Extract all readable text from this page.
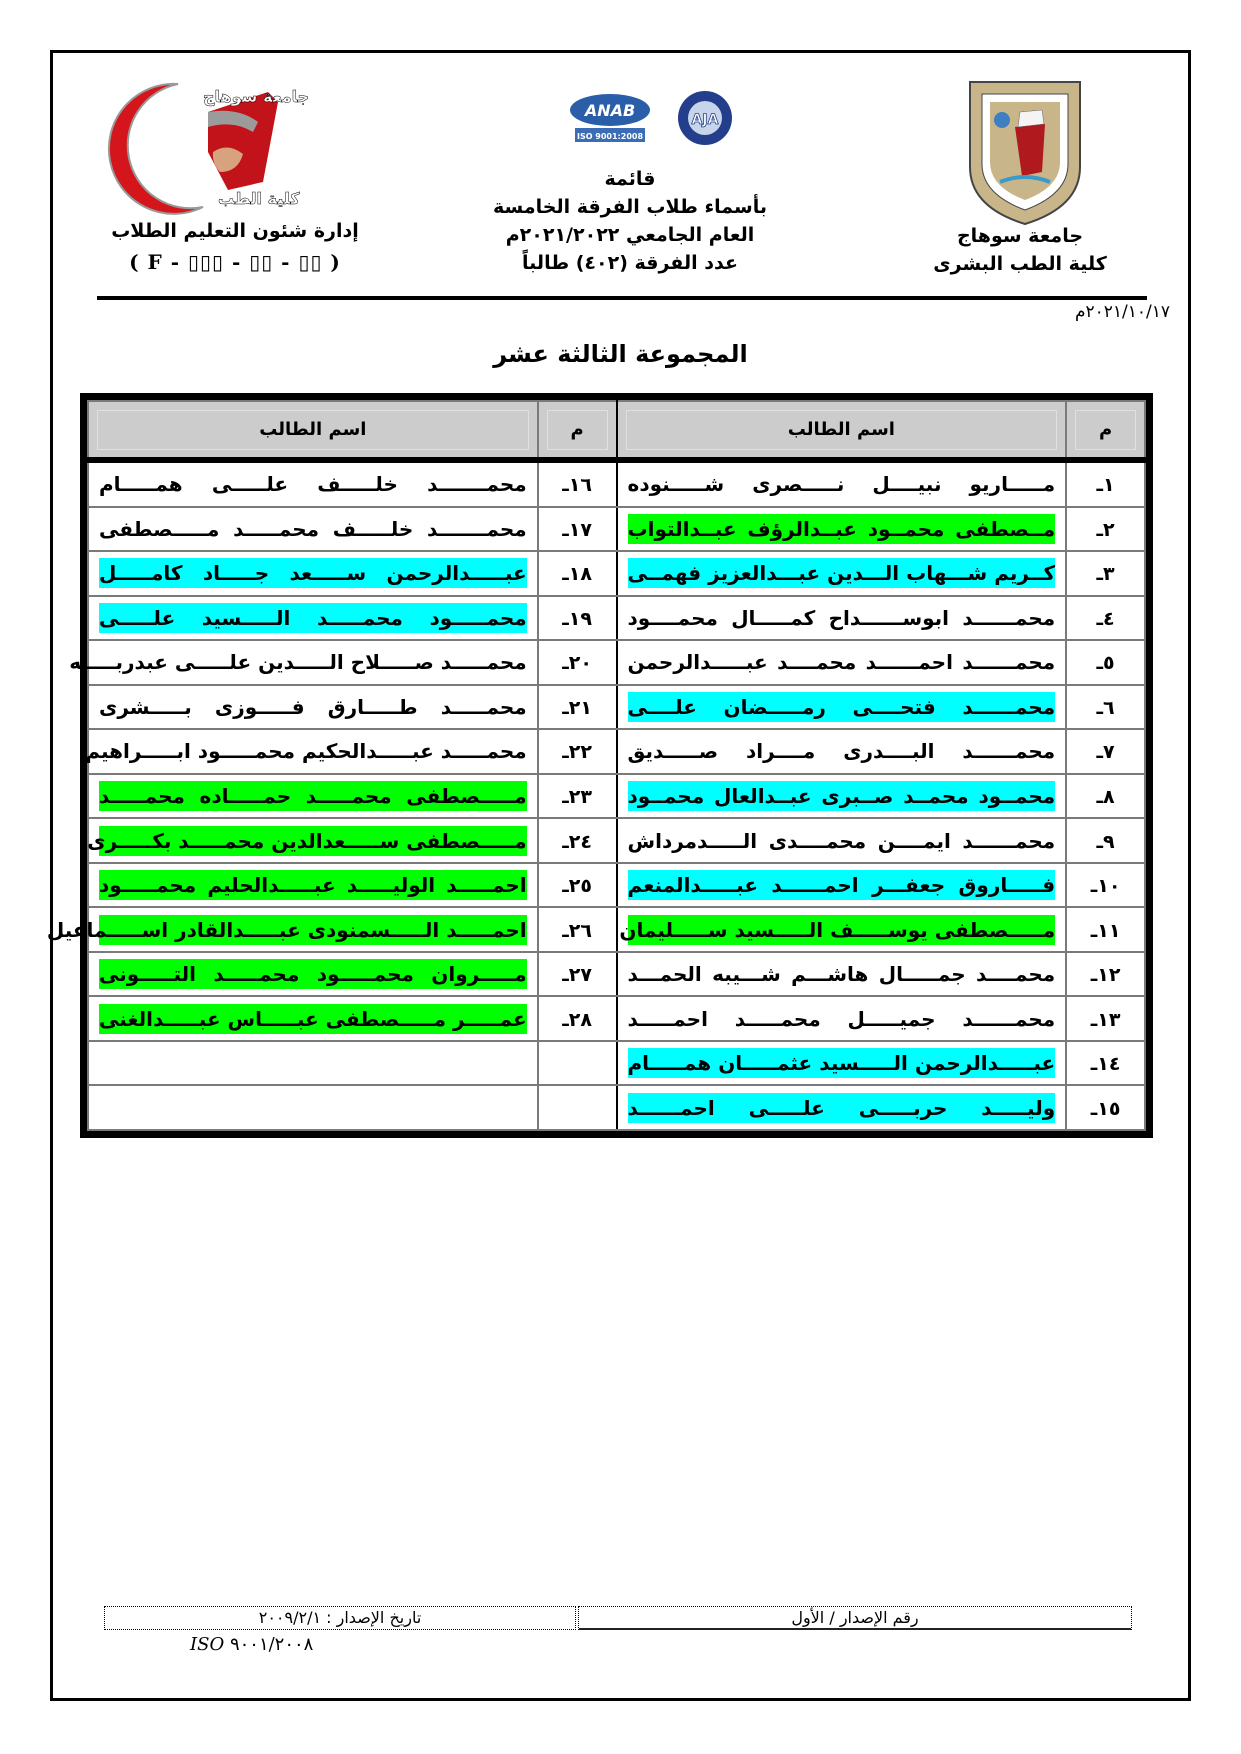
جامعة سوهاج
كلية الطب
ANAB
ISO 9001:2008
AJA
إدارة شئون التعليم الطلاب
( F - ▯▯▯ - ▯▯ - ▯▯ )
قائمة
بأسماء طلاب الفرقة الخامسة
العام الجامعي ٢٠٢١/٢٠٢٢م
عدد الفرقة (٤٠٢) طالباً
جامعة سوهاج
كلية الطب البشرى
٢٠٢١/١٠/١٧م
المجموعة الثالثة عشر
م	اسم الطالب	م	اسم الطالب

١ـ	مـــــاريو نبيــــل نـــــصرى شـــــنوده	١٦ـ	محمـــــــد خلـــــف علـــــى همـــــام

٢ـ	مــصطفى محمــود عبــدالرؤف عبــدالتواب	١٧ـ	محمـــــــد خلـــــف محمـــــد مـــــصطفى

٣ـ	كــريم شـــهاب الـــدين عبـــدالعزيز فهمــى	١٨ـ	عبـــــدالرحمن ســـــعد جـــــاد كامـــــل

٤ـ	محمــــــد ابوســــــداح كمـــــال محمــــود	١٩ـ	محمـــــود محمـــــد الـــــسيد علـــــى

٥ـ	محمــــــد احمــــــد محمــــد عبـــــدالرحمن	٢٠ـ	محمـــــد صـــــلاح الـــــدين علـــــى عبدربـــــه

٦ـ	محمــــــد فتحــــى رمـــــضان علــــى	٢١ـ	محمـــــد طـــــارق فـــــوزى بـــــشرى

٧ـ	محمــــــد البــــدرى مــــراد صـــــديق	٢٢ـ	محمـــــد عبـــــدالحكيم محمـــــود ابـــــراهيم

٨ـ	محمــود محمــد صــبرى عبــدالعال محمــود	٢٣ـ	مـــــصطفى محمـــــد حمـــــاده محمـــــد

٩ـ	محمــــــد ايمــــن محمــــدى الـــــدمرداش	٢٤ـ	مـــــصطفى ســـــعدالدين محمـــــد بكـــــرى

١٠ـ	فـــــاروق جعفـــر احمــــــد عبـــــدالمنعم	٢٥ـ	احمـــــد الوليـــــد عبـــــدالحليم محمـــــود

١١ـ	مـــــصطفى يوســـــف الـــــسيد ســـــليمان	٢٦ـ	احمـــــد الـــــسمنودى عبـــــدالقادر اســـــماعيل

١٢ـ	محمــــد جمـــــال هاشـــم شـــيبه الحمـــد	٢٧ـ	مـــــروان محمـــــود محمـــــد التـــــونى

١٣ـ	محمــــــد جميـــــل محمـــــد احمـــــد	٢٨ـ	عمـــــر مـــــصطفى عبـــــاس عبـــــدالغنى

١٤ـ	عبـــــدالرحمن الـــــسيد عثمـــــان همـــــام		

١٥ـ	وليـــــد حربـــــى علـــــى احمــــــد		

رقم الإصدار / الأول
تاريخ الإصدار : ٢٠٠٩/٢/١
ISO ٩٠٠١/٢٠٠٨
